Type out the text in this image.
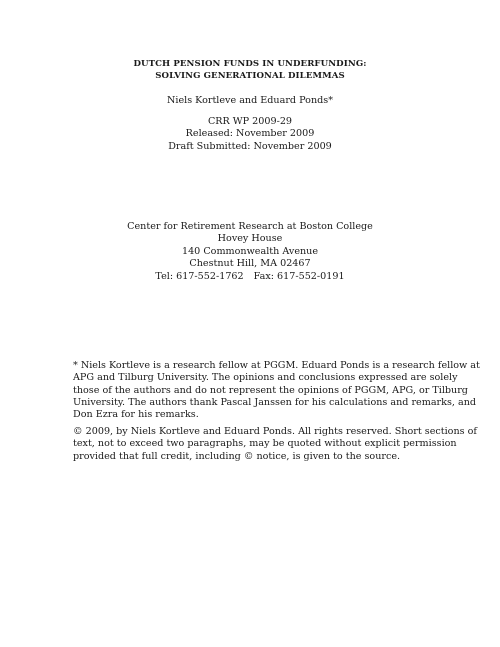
DUTCH PENSION FUNDS IN UNDERFUNDING:
SOLVING GENERATIONAL DILEMMAS
Niels Kortleve and Eduard Ponds*
CRR WP 2009-29
Released: November 2009
Draft Submitted: November 2009
Center for Retirement Research at Boston College
Hovey House
140 Commonwealth Avenue
Chestnut Hill, MA 02467
Tel: 617-552-1762 Fax: 617-552-0191
* Niels Kortleve is a research fellow at PGGM. Eduard Ponds is a research fellow at
APG and Tilburg University. The opinions and conclusions expressed are solely
those of the authors and do not represent the opinions of PGGM, APG, or Tilburg
University. The authors thank Pascal Janssen for his calculations and remarks, and
Don Ezra for his remarks.
© 2009, by Niels Kortleve and Eduard Ponds. All rights reserved. Short sections of
text, not to exceed two paragraphs, may be quoted without explicit permission
provided that full credit, including © notice, is given to the source.
